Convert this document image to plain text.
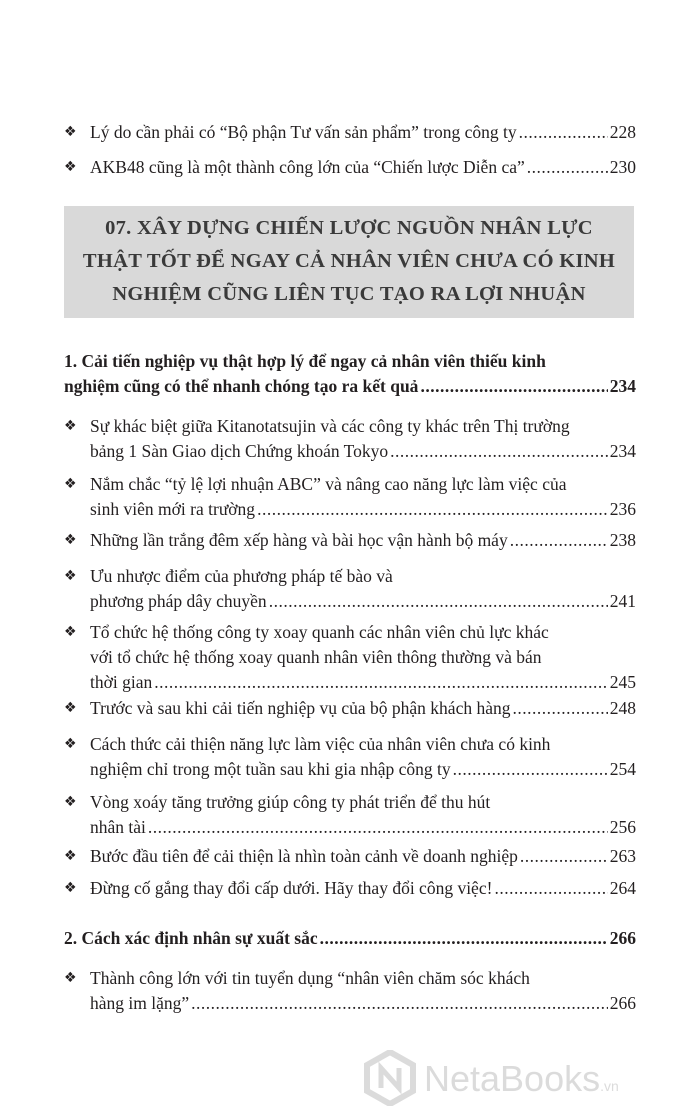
❖ Lý do cần phải có “Bộ phận Tư vấn sản phẩm” trong công ty .....	228
❖ AKB48 cũng là một thành công lớn của “Chiến lược Diễn ca” .....	230
07. XÂY DỰNG CHIẾN LƯỢC NGUỒN NHÂN LỰC
THẬT TỐT ĐỂ NGAY CẢ NHÂN VIÊN CHƯA CÓ KINH
NGHIỆM CŨNG LIÊN TỤC TẠO RA LỢI NHUẬN
1. Cải tiến nghiệp vụ thật hợp lý để ngay cả nhân viên thiếu kinh
nghiệm cũng có thể nhanh chóng tạo ra kết quả .....	234
❖ Sự khác biệt giữa Kitanotatsujin và các công ty khác trên Thị trường
bảng 1 Sàn Giao dịch Chứng khoán Tokyo .....	234
❖ Nắm chắc “tỷ lệ lợi nhuận ABC” và nâng cao năng lực làm việc của
sinh viên mới ra trường .....	236
❖ Những lần trắng đêm xếp hàng và bài học vận hành bộ máy .....	238
❖ Ưu nhược điểm của phương pháp tế bào và
phương pháp dây chuyền .....	241
❖ Tổ chức hệ thống công ty xoay quanh các nhân viên chủ lực khác
với tổ chức hệ thống xoay quanh nhân viên thông thường và bán
thời gian .....	245
❖ Trước và sau khi cải tiến nghiệp vụ của bộ phận khách hàng .....	248
❖ Cách thức cải thiện năng lực làm việc của nhân viên chưa có kinh
nghiệm chỉ trong một tuần sau khi gia nhập công ty .....	254
❖ Vòng xoáy tăng trưởng giúp công ty phát triển để thu hút
nhân tài .....	256
❖ Bước đầu tiên để cải thiện là nhìn toàn cảnh về doanh nghiệp .....	263
❖ Đừng cố gắng thay đổi cấp dưới. Hãy thay đổi công việc! .....	264
2. Cách xác định nhân sự xuất sắc .....	266
❖ Thành công lớn với tin tuyển dụng “nhân viên chăm sóc khách
hàng im lặng” .....	266
NetaBooks.vn
